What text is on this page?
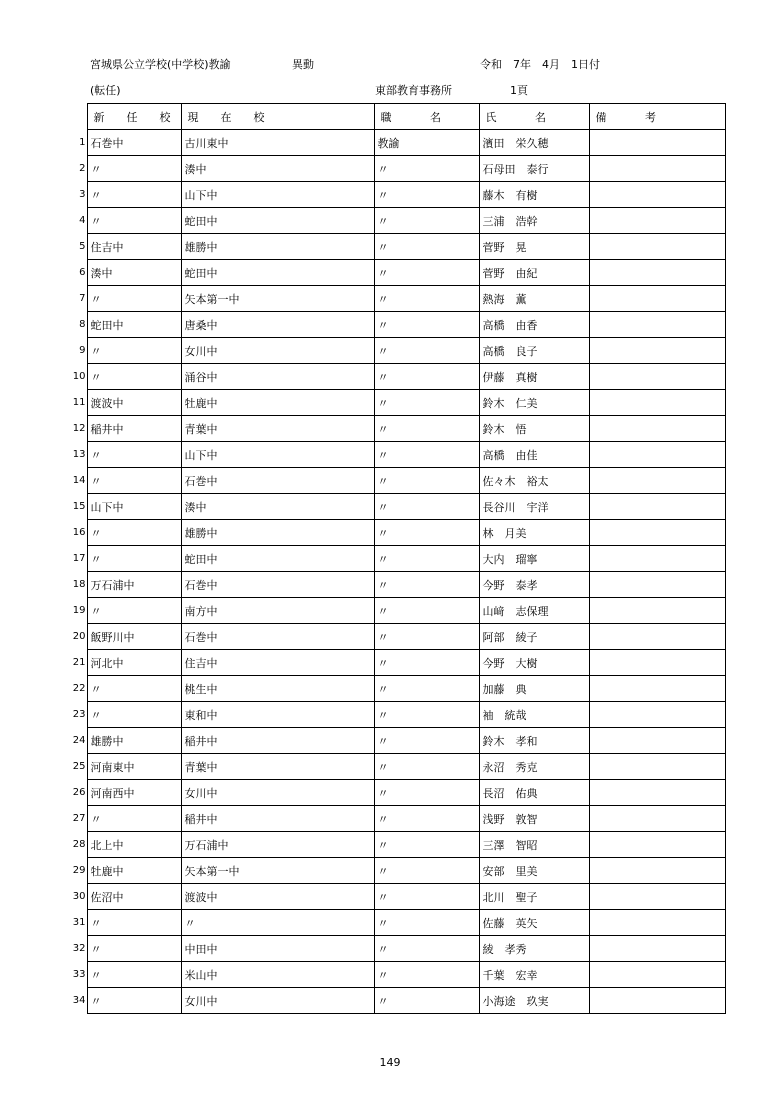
宮城県公立学校(中学校)教諭	異動	令和　7年　4月　1日付
(転任)	東部教育事務所	1頁
	新　任　校	現　在　校	職　　名	氏　　名	備　　考
1	石巻中	古川東中	教諭	濱田　栄久穂	
2	〃	湊中	〃	石母田　泰行	
3	〃	山下中	〃	藤木　有樹	
4	〃	蛇田中	〃	三浦　浩幹	
5	住吉中	雄勝中	〃	菅野　晃	
6	湊中	蛇田中	〃	菅野　由紀	
7	〃	矢本第一中	〃	熱海　薫	
8	蛇田中	唐桑中	〃	高橋　由香	
9	〃	女川中	〃	高橋　良子	
10	〃	涌谷中	〃	伊藤　真樹	
11	渡波中	牡鹿中	〃	鈴木　仁美	
12	稲井中	青葉中	〃	鈴木　悟	
13	〃	山下中	〃	高橋　由佳	
14	〃	石巻中	〃	佐々木　裕太	
15	山下中	湊中	〃	長谷川　宇洋	
16	〃	雄勝中	〃	林　月美	
17	〃	蛇田中	〃	大内　瑠寧	
18	万石浦中	石巻中	〃	今野　泰孝	
19	〃	南方中	〃	山﨑　志保理	
20	飯野川中	石巻中	〃	阿部　綾子	
21	河北中	住吉中	〃	今野　大樹	
22	〃	桃生中	〃	加藤　典	
23	〃	東和中	〃	袖　統哉	
24	雄勝中	稲井中	〃	鈴木　孝和	
25	河南東中	青葉中	〃	永沼　秀克	
26	河南西中	女川中	〃	長沼　佑典	
27	〃	稲井中	〃	浅野　敦智	
28	北上中	万石浦中	〃	三澤　智昭	
29	牡鹿中	矢本第一中	〃	安部　里美	
30	佐沼中	渡波中	〃	北川　聖子	
31	〃	〃	〃	佐藤　英矢	
32	〃	中田中	〃	綾　孝秀	
33	〃	米山中	〃	千葉　宏幸	
34	〃	女川中	〃	小海途　玖実	
149
